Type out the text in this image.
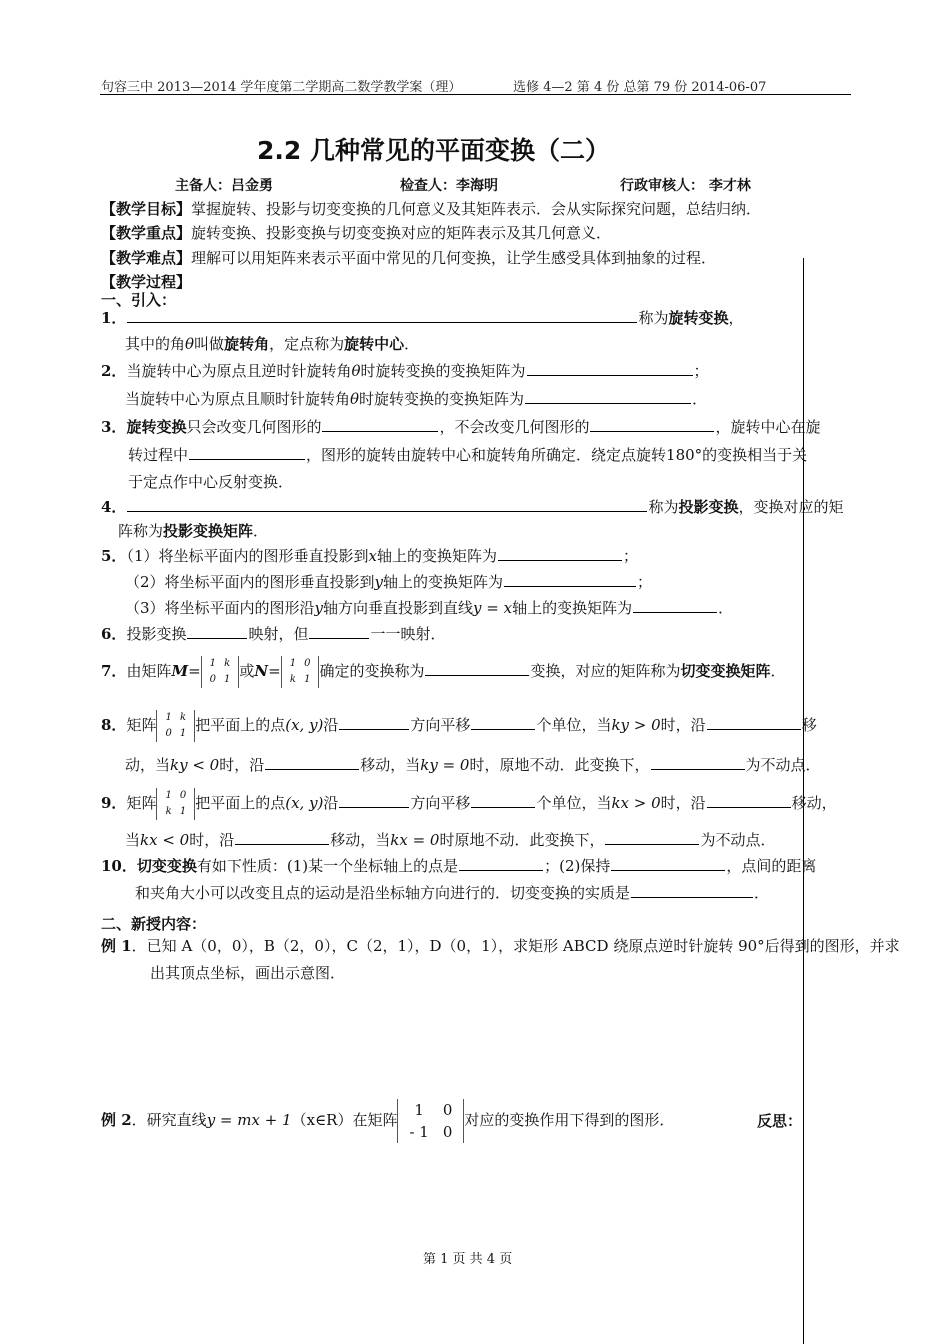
句容三中 2013—2014 学年度第二学期高二数学教学案（理）	选修 4—2 第 4 份 总第 79 份 2014-06-07
2.2 几种常见的平面变换（二）
主备人：吕金勇	检查人：李海明	行政审核人： 李才林
【教学目标】掌握旋转、投影与切变变换的几何意义及其矩阵表示．会从实际探究问题，总结归纳．
【教学重点】旋转变换、投影变换与切变变换对应的矩阵表示及其几何意义．
【教学难点】理解可以用矩阵来表示平面中常见的几何变换，让学生感受具体到抽象的过程．
【教学过程】
一、引入：
1．	称为旋转变换，
其中的角θ叫做旋转角，定点称为旋转中心．
2．当旋转中心为原点且逆时针旋转角θ时旋转变换的变换矩阵为	；
当旋转中心为原点且顺时针旋转角θ时旋转变换的变换矩阵为	．
3．旋转变换只会改变几何图形的	，不会改变几何图形的	，旋转中心在旋
转过程中	，图形的旋转由旋转中心和旋转角所确定．绕定点旋转180°的变换相当于关
于定点作中心反射变换．
4．	称为投影变换，变换对应的矩
阵称为投影变换矩阵．
5．（1）将坐标平面内的图形垂直投影到x轴上的变换矩阵为	；
（2）将坐标平面内的图形垂直投影到y轴上的变换矩阵为	；
（3）将坐标平面内的图形沿y轴方向垂直投影到直线y = x轴上的变换矩阵为	．
6．投影变换	映射，但	一一映射．
7．由矩阵M= 1	k
0	1 或N= 1	0
k	1 确定的变换称为	变换，对应的矩阵称为切变变换矩阵．
8．矩阵 1	k
0	1 把平面上的点(x, y)沿	方向平移	个单位，当ky > 0时，沿	移
动，当ky < 0时，沿	移动，当ky = 0时，原地不动．此变换下，	为不动点．
9．矩阵 1	0
k	1 把平面上的点(x, y)沿	方向平移	个单位，当kx > 0时，沿	移动，
当kx < 0时，沿	移动，当kx = 0时原地不动．此变换下，	为不动点．
10．切变变换有如下性质：(1)某一个坐标轴上的点是	；(2)保持	，点间的距离
和夹角大小可以改变且点的运动是沿坐标轴方向进行的．切变变换的实质是	．
二、新授内容：
例 1．已知 A（0，0），B（2，0），C（2，1），D（0，1），求矩形 ABCD 绕原点逆时针旋转 90°后得到的图形，并求
出其顶点坐标，画出示意图．
例 2．研究直线y = mx + 1（x∈R）在矩阵
1	0
- 1	0
对应的变换作用下得到的图形．	反思：
第 1 页 共 4 页
